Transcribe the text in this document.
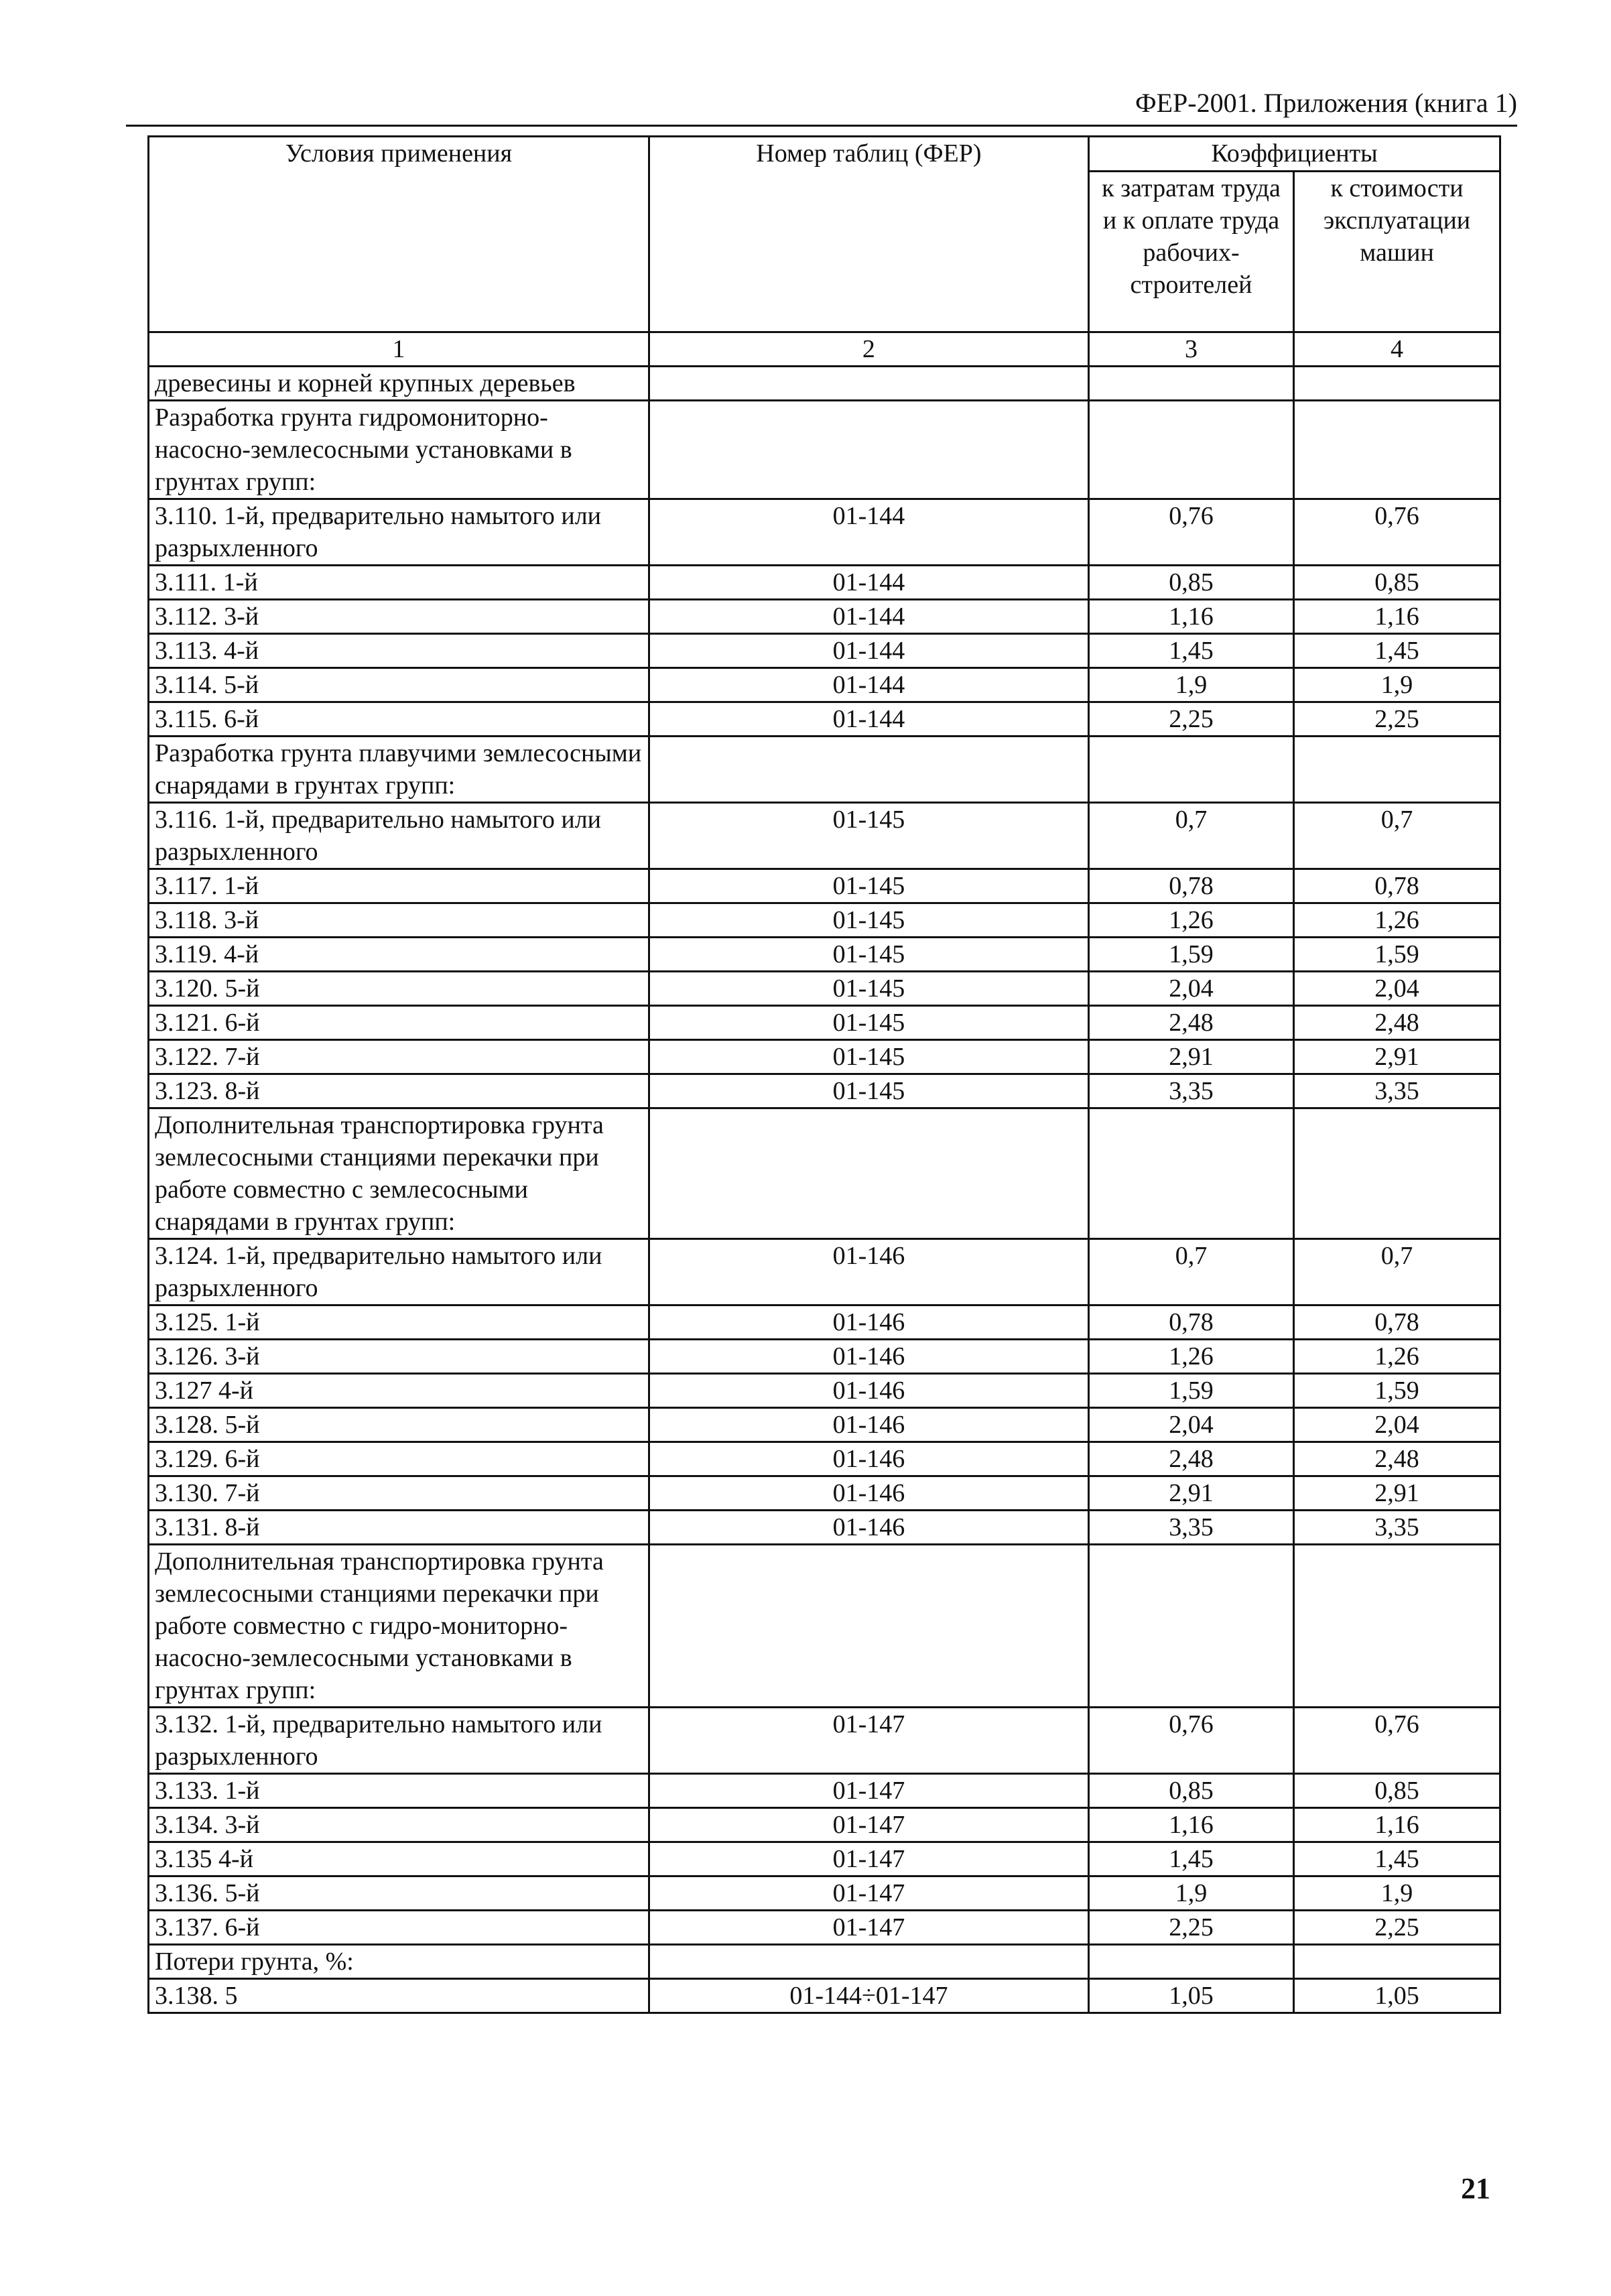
ФЕР-2001. Приложения (книга 1)
Условия применения	Номер таблиц (ФЕР)	Коэффициенты	
		к затратам труда и к оплате труда рабочих-строителей	к стоимости эксплуатации машин
1	2	3	4
древесины и корней крупных деревьев			
Разработка грунта гидромониторно-насосно-землесосными установками в грунтах групп:			
3.110. 1-й, предварительно намытого или разрыхленного	01-144	0,76	0,76
3.111. 1-й	01-144	0,85	0,85
3.112. 3-й	01-144	1,16	1,16
3.113. 4-й	01-144	1,45	1,45
3.114. 5-й	01-144	1,9	1,9
3.115. 6-й	01-144	2,25	2,25
Разработка грунта плавучими землесосными снарядами в грунтах групп:			
3.116. 1-й, предварительно намытого или разрыхленного	01-145	0,7	0,7
3.117. 1-й	01-145	0,78	0,78
3.118. 3-й	01-145	1,26	1,26
3.119. 4-й	01-145	1,59	1,59
3.120. 5-й	01-145	2,04	2,04
3.121. 6-й	01-145	2,48	2,48
3.122. 7-й	01-145	2,91	2,91
3.123. 8-й	01-145	3,35	3,35
Дополнительная транспортировка грунта землесосными станциями перекачки при работе совместно с землесосными снарядами в грунтах групп:			
3.124. 1-й, предварительно намытого или разрыхленного	01-146	0,7	0,7
3.125. 1-й	01-146	0,78	0,78
3.126. 3-й	01-146	1,26	1,26
3.127 4-й	01-146	1,59	1,59
3.128. 5-й	01-146	2,04	2,04
3.129. 6-й	01-146	2,48	2,48
3.130. 7-й	01-146	2,91	2,91
3.131. 8-й	01-146	3,35	3,35
Дополнительная транспортировка грунта землесосными станциями перекачки при работе совместно с гидро-мониторно-насосно-землесосными установками в грунтах групп:			
3.132. 1-й, предварительно намытого или разрыхленного	01-147	0,76	0,76
3.133. 1-й	01-147	0,85	0,85
3.134. 3-й	01-147	1,16	1,16
3.135 4-й	01-147	1,45	1,45
3.136. 5-й	01-147	1,9	1,9
3.137. 6-й	01-147	2,25	2,25
Потери грунта, %:			
3.138. 5	01-144÷01-147	1,05	1,05
21
